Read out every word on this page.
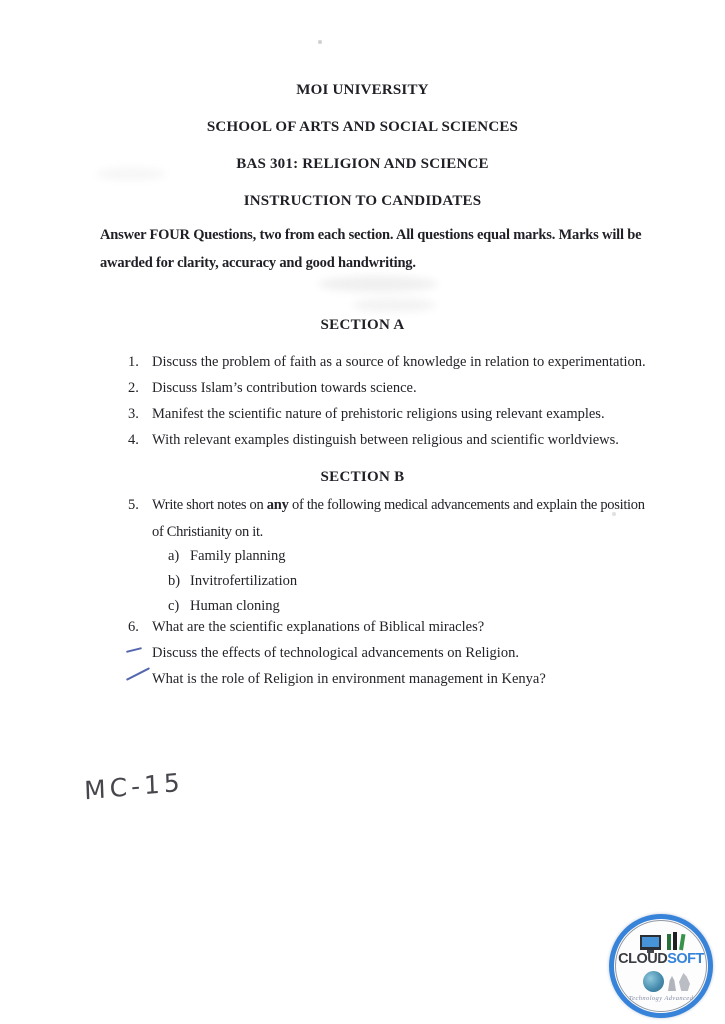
MOI UNIVERSITY
SCHOOL OF ARTS AND SOCIAL SCIENCES
BAS 301: RELIGION AND SCIENCE
INSTRUCTION TO CANDIDATES

Answer FOUR Questions, two from each section. All questions equal marks. Marks will be awarded for clarity, accuracy and good handwriting.

SECTION A
1. Discuss the problem of faith as a source of knowledge in relation to experimentation.
2. Discuss Islam’s contribution towards science.
3. Manifest the scientific nature of prehistoric religions using relevant examples.
4. With relevant examples distinguish between religious and scientific worldviews.
SECTION B
5. Write short notes on any of the following medical advancements and explain the position of Christianity on it.
a) Family planning
b) Invitrofertilization
c) Human cloning
6. What are the scientific explanations of Biblical miracles?
Discuss the effects of technological advancements on Religion.
What is the role of Religion in environment management in Kenya?
MC-15
CLOUDSOFT
Technology Advanced
